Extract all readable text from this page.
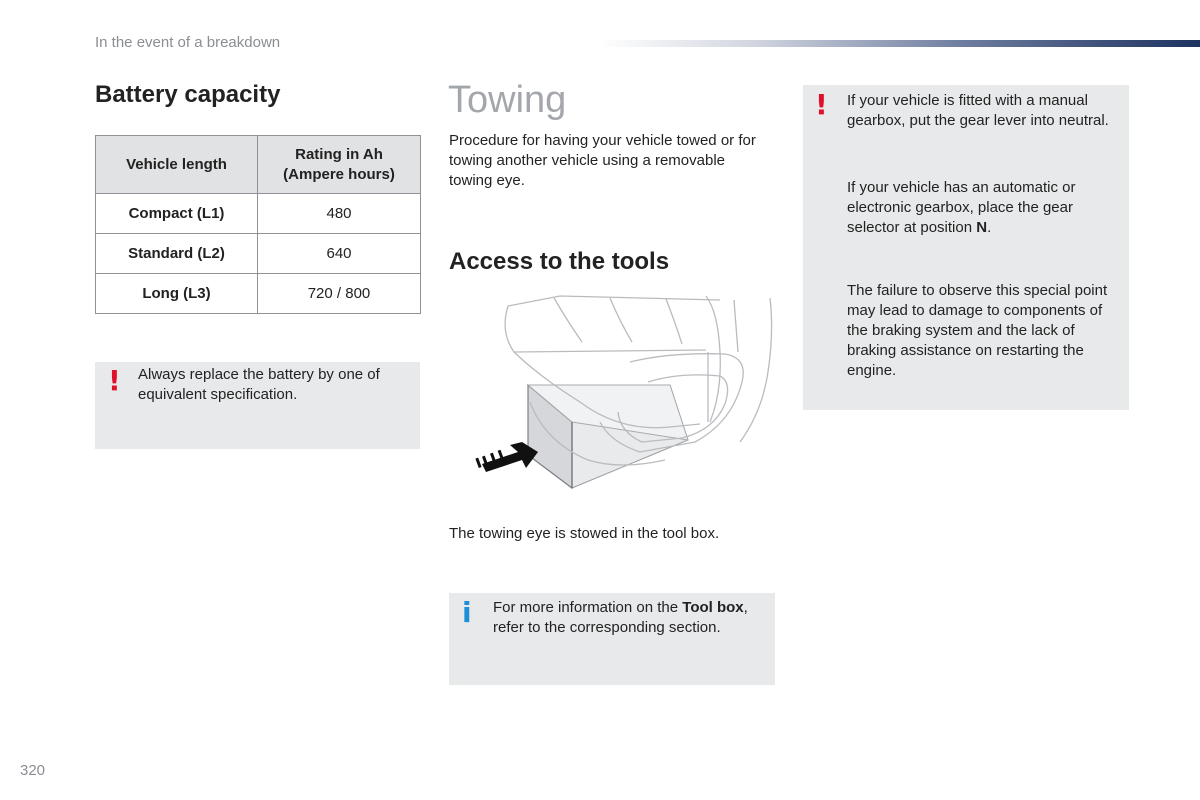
In the event of a breakdown
Battery capacity
Vehicle length	Rating in Ah (Ampere hours)
Compact (L1)	480
Standard (L2)	640
Long (L3)	720 / 800
! Always replace the battery by one of equivalent specification.
Towing
Procedure for having your vehicle towed or for towing another vehicle using a removable towing eye.
Access to the tools
The towing eye is stowed in the tool box.
i For more information on the Tool box, refer to the corresponding section.
! If your vehicle is fitted with a manual gearbox, put the gear lever into neutral.
If your vehicle has an automatic or electronic gearbox, place the gear selector at position N.
The failure to observe this special point may lead to damage to components of the braking system and the lack of braking assistance on restarting the engine.
320
